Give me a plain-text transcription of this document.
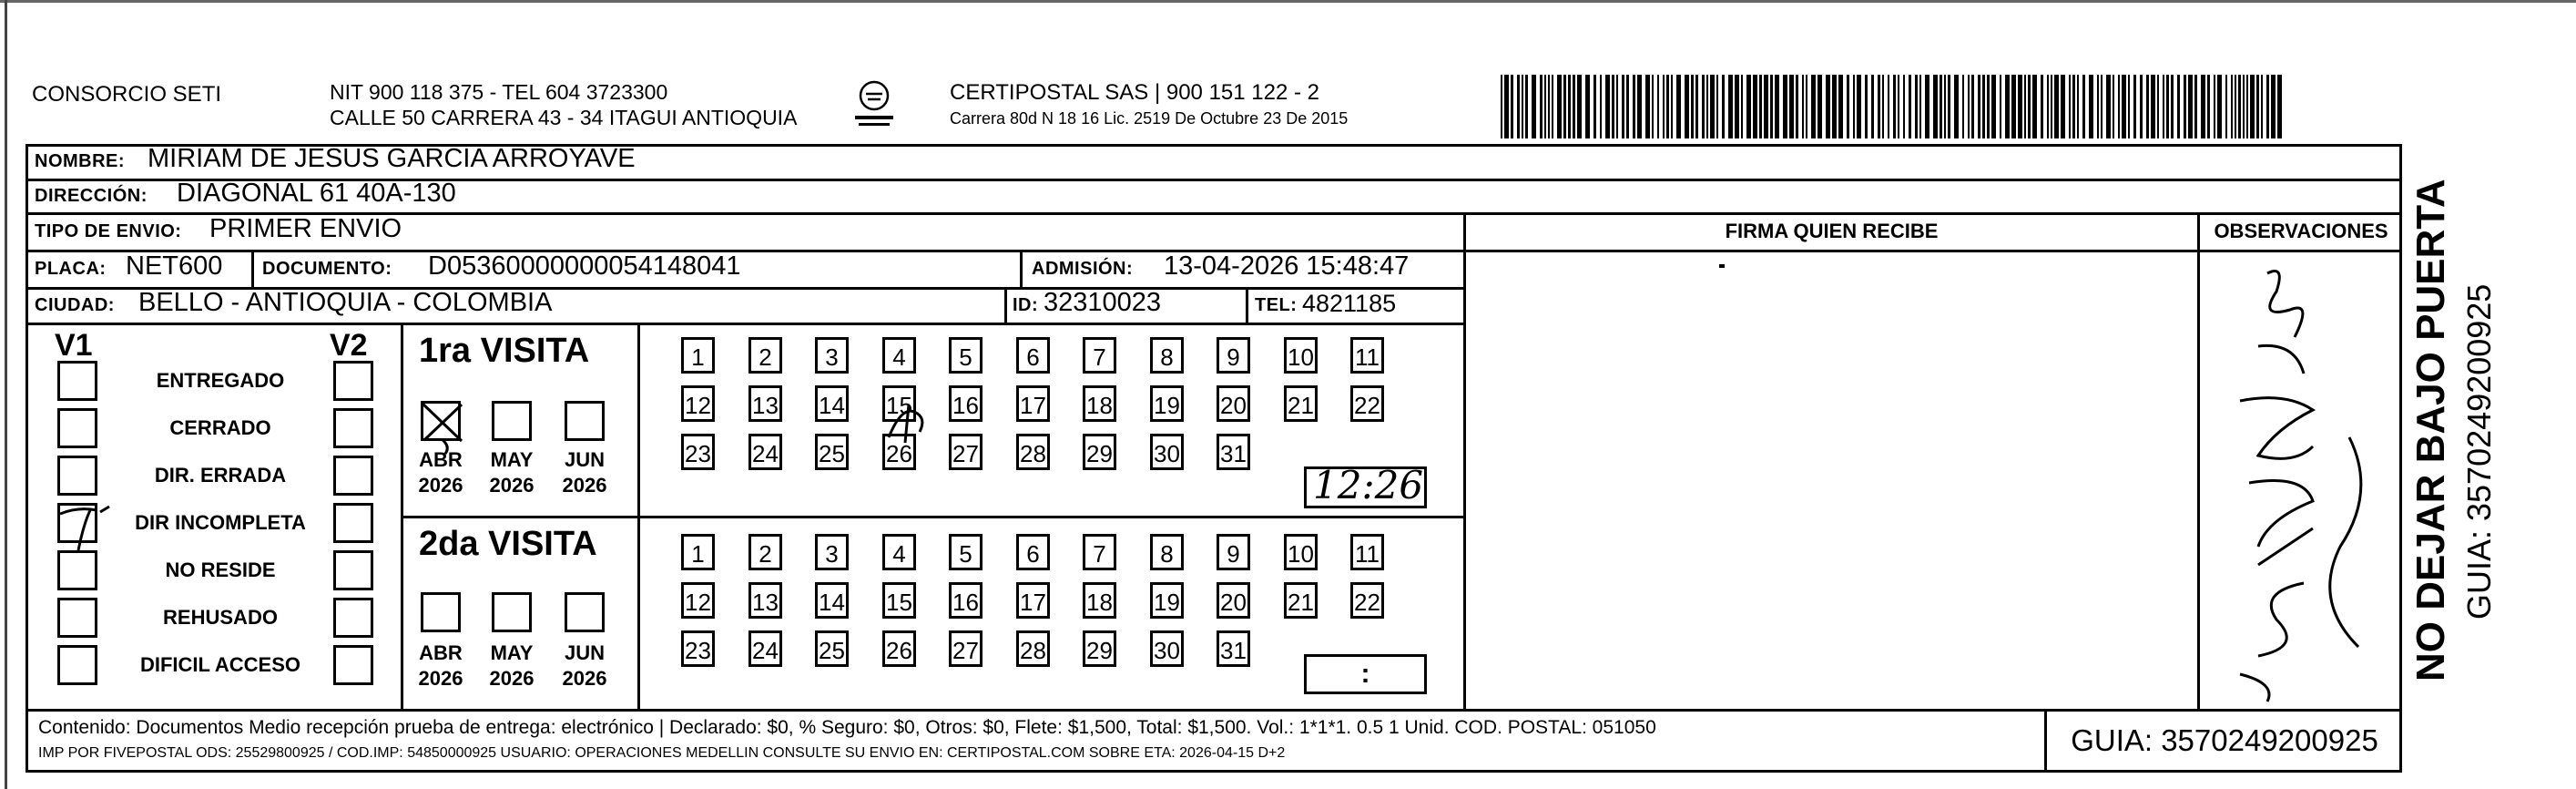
CONSORCIO SETI	NIT 900 118 375 - TEL 604 3723300
CALLE 50 CARRERA 43 - 34 ITAGUI ANTIOQUIA
CERTIPOSTAL SAS | 900 151 122 - 2
Carrera 80d N 18 16 Lic. 2519 De Octubre 23 De 2015
NOMBRE: MIRIAM DE JESUS GARCIA ARROYAVE
DIRECCIÓN: DIAGONAL 61 40A-130
TIPO DE ENVIO: PRIMER ENVIO
PLACA: NET600 DOCUMENTO: D05360000000054148041	ADMISIÓN: 13-04-2026 15:48:47
CIUDAD: BELLO - ANTIOQUIA - COLOMBIA	ID: 32310023	TEL: 4821185
FIRMA QUIEN RECIBE	OBSERVACIONES
V1	V2
ENTREGADO
CERRADO
DIR. ERRADA
DIR INCOMPLETA
NO RESIDE
REHUSADO
DIFICIL ACCESO
1ra VISITA
ABR	MAY	JUN
2026	2026	2026
1	2	3	4	5	6	7	8	9	10 11
12 13 14 15 16 17 18 19 20 21 22
23 24 25 26 27 28 29 30 31
1	2	3	4	5	6	7	8	9	10 11
12 13 14 15 16 17 18 19 20 21 22
23 24 25 26 27 28 29 30 31
12:26
2da VISITA
ABR	MAY	JUN
2026	2026	2026	:
Contenido: Documentos Medio recepción prueba de entrega: electrónico | Declarado: $0, % Seguro: $0, Otros: $0, Flete: $1,500, Total: $1,500. Vol.: 1*1*1. 0.5 1 Unid. COD. POSTAL: 051050
IMP POR FIVEPOSTAL ODS: 25529800925 / COD.IMP: 54850000925 USUARIO: OPERACIONES MEDELLIN CONSULTE SU ENVIO EN: CERTIPOSTAL.COM SOBRE ETA: 2026-04-15 D+2	GUIA: 3570249200925
NO DEJAR BAJO PUERTA GUIA: 3570249200925
